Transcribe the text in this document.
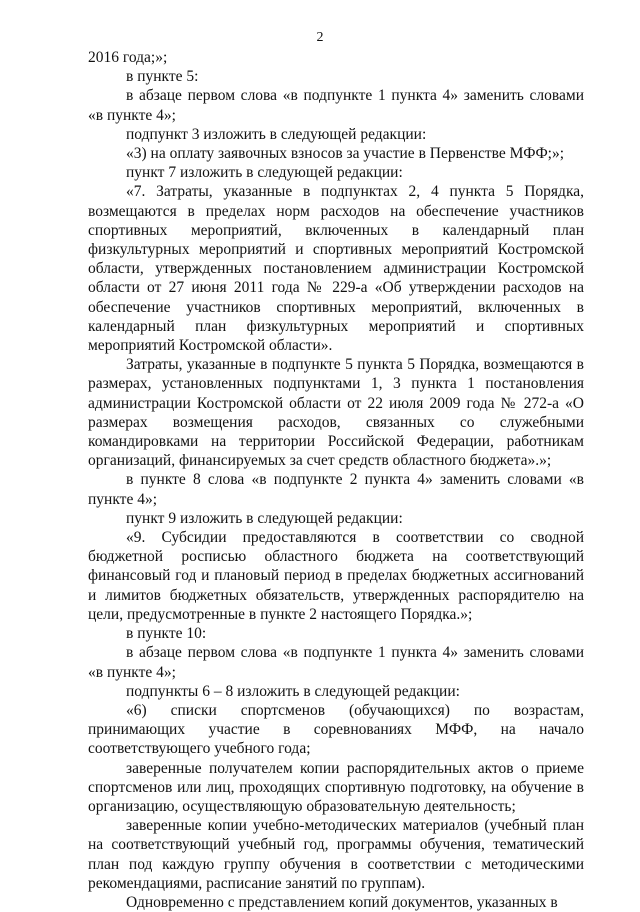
2

2016 года;»;

в пункте 5:

в абзаце первом слова «в подпункте 1 пункта 4» заменить словами «в пункте 4»;

подпункт 3 изложить в следующей редакции:

«3) на оплату заявочных взносов за участие в Первенстве МФФ;»;

пункт 7 изложить в следующей редакции:

«7. Затраты, указанные в подпунктах 2, 4 пункта 5 Порядка, возмещаются в пределах норм расходов на обеспечение участников спортивных мероприятий, включенных в календарный план физкультурных мероприятий и спортивных мероприятий Костромской области, утвержденных постановлением администрации Костромской области от 27 июня 2011 года № 229-а «Об утверждении расходов на обеспечение участников спортивных мероприятий, включенных в календарный план физкультурных мероприятий и спортивных мероприятий Костромской области».

Затраты, указанные в подпункте 5 пункта 5 Порядка, возмещаются в размерах, установленных подпунктами 1, 3 пункта 1 постановления администрации Костромской области от 22 июля 2009 года № 272-а «О размерах возмещения расходов, связанных со служебными командировками на территории Российской Федерации, работникам организаций, финансируемых за счет средств областного бюджета».»;

в пункте 8 слова «в подпункте 2 пункта 4» заменить словами «в пункте 4»;

пункт 9 изложить в следующей редакции:

«9. Субсидии предоставляются в соответствии со сводной бюджетной росписью областного бюджета на соответствующий финансовый год и плановый период в пределах бюджетных ассигнований и лимитов бюджетных обязательств, утвержденных распорядителю на цели, предусмотренные в пункте 2 настоящего Порядка.»;

в пункте 10:

в абзаце первом слова «в подпункте 1 пункта 4» заменить словами «в пункте 4»;

подпункты 6 – 8 изложить в следующей редакции:

«6) списки спортсменов (обучающихся) по возрастам, принимающих участие в соревнованиях МФФ, на начало соответствующего учебного года;

заверенные получателем копии распорядительных актов о приеме спортсменов или лиц, проходящих спортивную подготовку, на обучение в организацию, осуществляющую образовательную деятельность;

заверенные копии учебно-методических материалов (учебный план на соответствующий учебный год, программы обучения, тематический план под каждую группу обучения в соответствии с методическими рекомендациями, расписание занятий по группам).

Одновременно с представлением копий документов, указанных в
